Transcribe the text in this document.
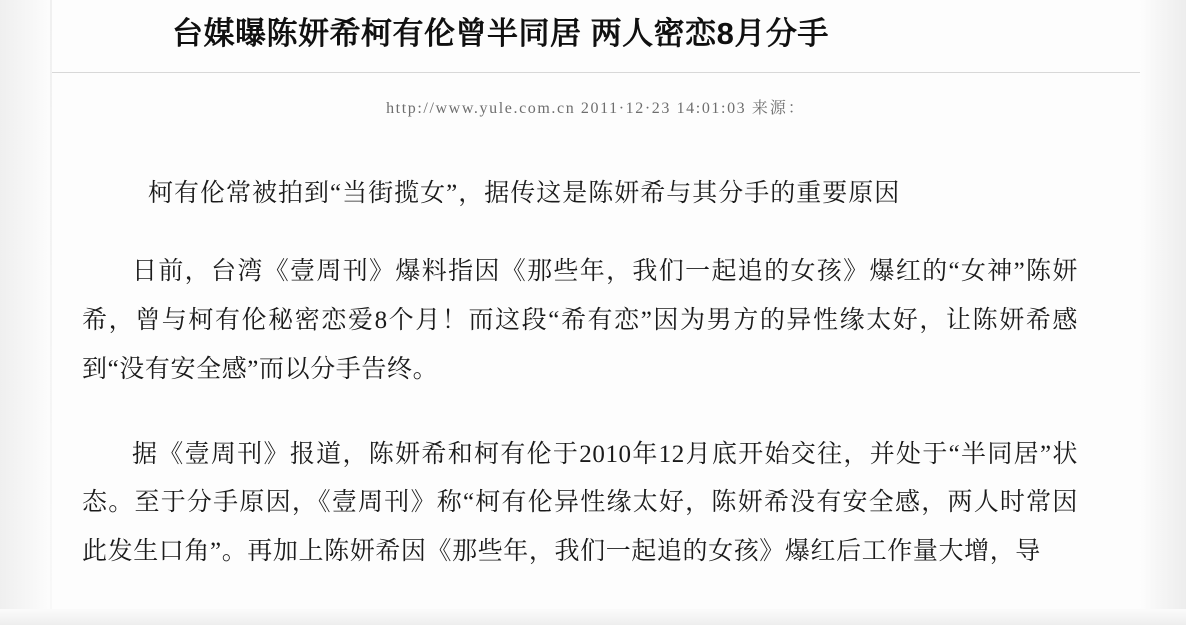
台媒曝陈妍希柯有伦曾半同居 两人密恋8月分手
http://www.yule.com.cn 2011·12·23 14:01:03 来源：
柯有伦常被拍到“当街揽女”，据传这是陈妍希与其分手的重要原因

日前，台湾《壹周刊》爆料指因《那些年，我们一起追的女孩》爆红的“女神”陈妍希，曾与柯有伦秘密恋爱8个月！而这段“希有恋”因为男方的异性缘太好，让陈妍希感到“没有安全感”而以分手告终。

据《壹周刊》报道，陈妍希和柯有伦于2010年12月底开始交往，并处于“半同居”状态。至于分手原因，《壹周刊》称“柯有伦异性缘太好，陈妍希没有安全感，两人时常因此发生口角”。再加上陈妍希因《那些年，我们一起追的女孩》爆红后工作量大增，导
